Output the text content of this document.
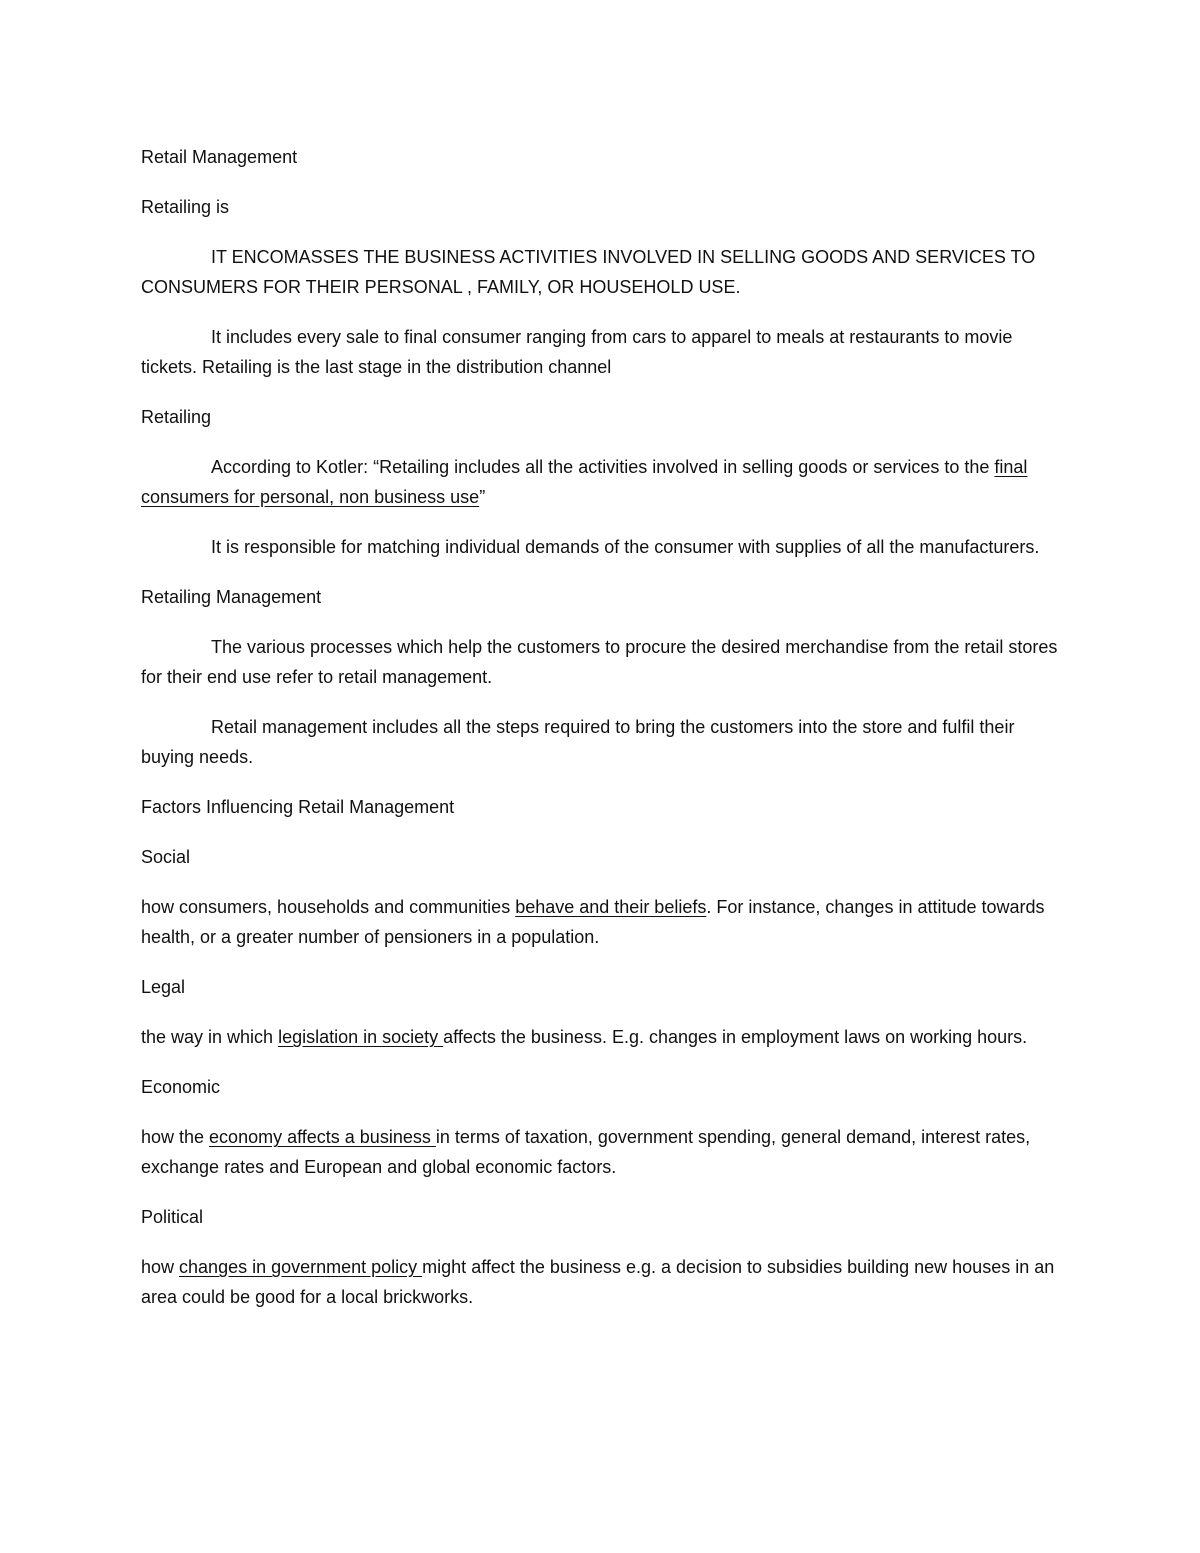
Retail Management

Retailing is

IT ENCOMASSES THE BUSINESS ACTIVITIES INVOLVED IN SELLING GOODS AND SERVICES TO CONSUMERS FOR THEIR PERSONAL , FAMILY, OR HOUSEHOLD USE.

It includes every sale to final consumer ranging from cars to apparel to meals at restaurants to movie tickets. Retailing is the last stage in the distribution channel

Retailing

According to Kotler: “Retailing includes all the activities involved in selling goods or services to the final consumers for personal, non business use”

It is responsible for matching individual demands of the consumer with supplies of all the manufacturers.

Retailing Management

The various processes which help the customers to procure the desired merchandise from the retail stores for their end use refer to retail management.

Retail management includes all the steps required to bring the customers into the store and fulfil their buying needs.

Factors Influencing Retail Management

Social

how consumers, households and communities behave and their beliefs. For instance, changes in attitude towards health, or a greater number of pensioners in a population.

Legal

the way in which legislation in society affects the business. E.g. changes in employment laws on working hours.

Economic

how the economy affects a business in terms of taxation, government spending, general demand, interest rates, exchange rates and European and global economic factors.

Political

how changes in government policy might affect the business e.g. a decision to subsidies building new houses in an area could be good for a local brickworks.
